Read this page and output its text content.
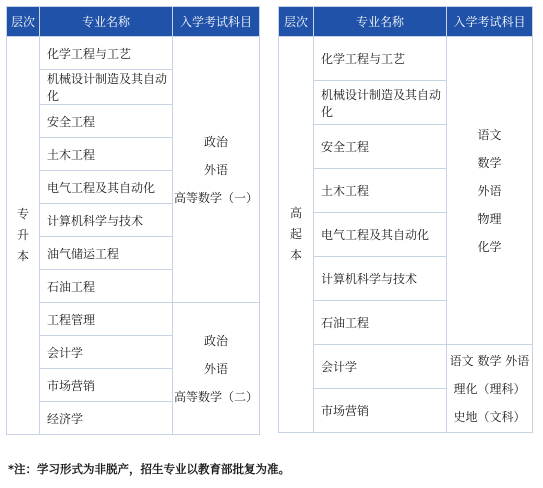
层次	专业名称	入学考试科目
专升本	化学工程与工艺	政治
外语
高等数学（一）

	机械设计制造及其自动化	
	安全工程	
	土木工程	
	电气工程及其自动化	
	计算机科学与技术	
	油气储运工程	
	石油工程	
	工程管理	政治
外语
高等数学（二）

	会计学	
	市场营销	
	经济学	
层次	专业名称	入学考试科目
高起本	化学工程与工艺	语文
数学
外语
物理
化学

	机械设计制造及其自动化	
	安全工程	
	土木工程	
	电气工程及其自动化	
	计算机科学与技术	
	石油工程	
	会计学	语文 数学 外语
理化（理科）
史地（文科）

	市场营销	
*注：学习形式为非脱产，招生专业以教育部批复为准。
